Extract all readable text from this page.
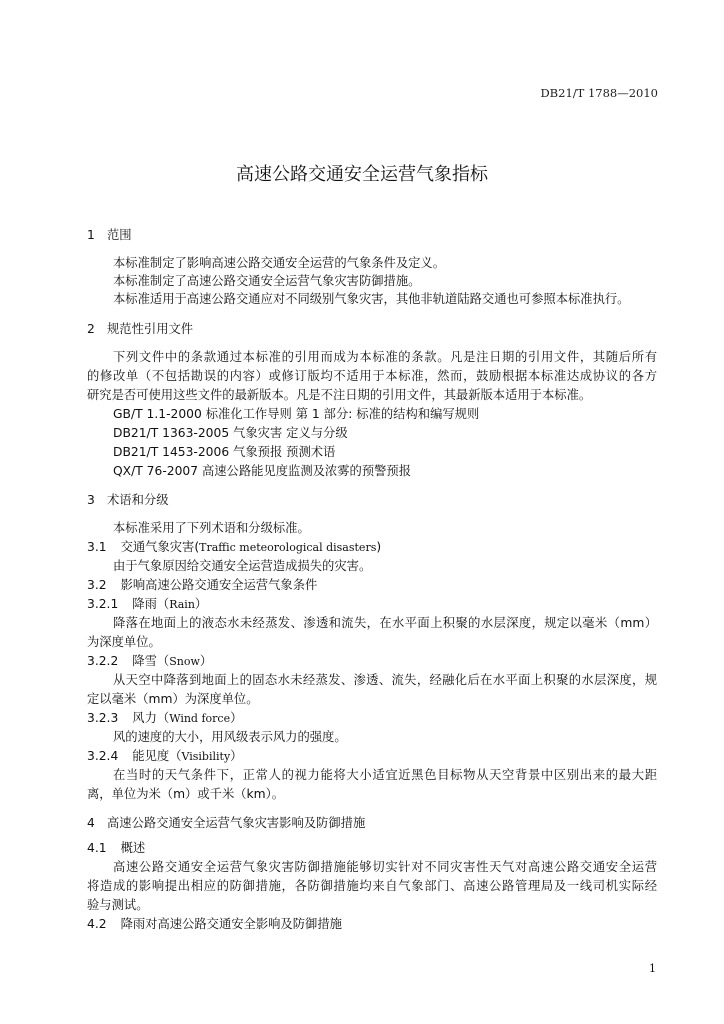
DB21/T 1788—2010
高速公路交通安全运营气象指标
1 范围
本标准制定了影响高速公路交通安全运营的气象条件及定义。
本标准制定了高速公路交通安全运营气象灾害防御措施。
本标准适用于高速公路交通应对不同级别气象灾害，其他非轨道陆路交通也可参照本标准执行。
2 规范性引用文件
下列文件中的条款通过本标准的引用而成为本标准的条款。凡是注日期的引用文件，其随后所有
的修改单（不包括勘误的内容）或修订版均不适用于本标准，然而，鼓励根据本标准达成协议的各方
研究是否可使用这些文件的最新版本。凡是不注日期的引用文件，其最新版本适用于本标准。
GB/T 1.1-2000 标准化工作导则 第 1 部分: 标准的结构和编写规则
DB21/T 1363-2005 气象灾害 定义与分级
DB21/T 1453-2006 气象预报 预测术语
QX/T 76-2007 高速公路能见度监测及浓雾的预警预报
3 术语和分级
本标准采用了下列术语和分级标准。
3.1 交通气象灾害(Traffic meteorological disasters)
由于气象原因给交通安全运营造成损失的灾害。
3.2 影响高速公路交通安全运营气象条件
3.2.1 降雨（Rain）
降落在地面上的液态水未经蒸发、渗透和流失，在水平面上积聚的水层深度，规定以毫米（mm）
为深度单位。
3.2.2 降雪（Snow）
从天空中降落到地面上的固态水未经蒸发、渗透、流失，经融化后在水平面上积聚的水层深度，规
定以毫米（mm）为深度单位。
3.2.3 风力（Wind force）
风的速度的大小，用风级表示风力的强度。
3.2.4 能见度（Visibility）
在当时的天气条件下，正常人的视力能将大小适宜近黑色目标物从天空背景中区别出来的最大距
离，单位为米（m）或千米（km）。
4 高速公路交通安全运营气象灾害影响及防御措施
4.1 概述
高速公路交通安全运营气象灾害防御措施能够切实针对不同灾害性天气对高速公路交通安全运营
将造成的影响提出相应的防御措施，各防御措施均来自气象部门、高速公路管理局及一线司机实际经
验与测试。
4.2 降雨对高速公路交通安全影响及防御措施
1
